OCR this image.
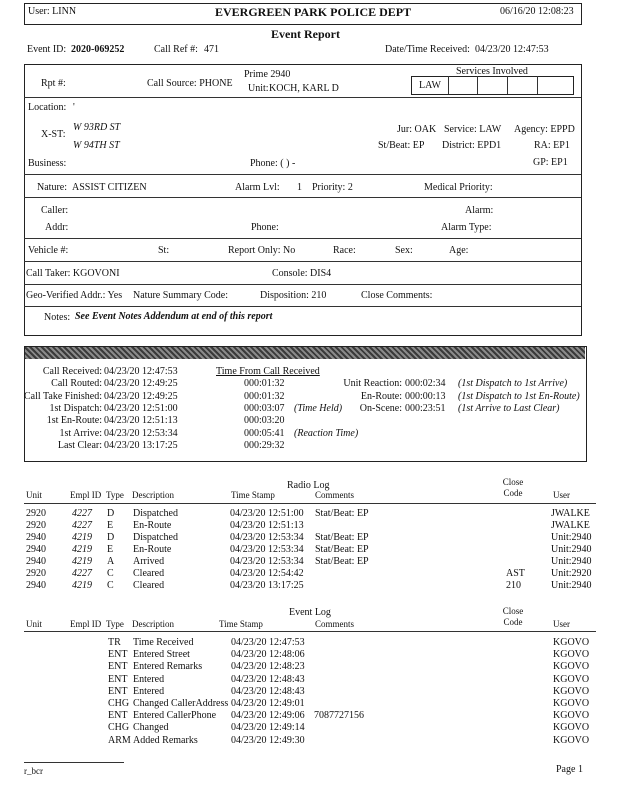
User: LINN	EVERGREEN PARK POLICE DEPT	06/16/20 12:08:23
Event Report
Event ID: 2020-069252	Call Ref #: 471	Date/Time Received: 04/23/20 12:47:53
Rpt #:	Call Source: PHONE
Prime 2940
Unit: KOCH, KARL D
Services Involved
LAW
Location: '
X-ST:
W 93RD ST
W 94TH ST
Jur: OAK Service: LAW Agency: EPPD
St/Beat: EP District: EPD1	RA: EP1
GP: EP1
Business:	Phone: ( ) -
Nature: ASSIST CITIZEN	Alarm Lvl: 1 Priority: 2	Medical Priority:
Caller:	Alarm:
Addr:	Phone:	Alarm Type:
Vehicle #:	St:	Report Only: No	Race:	Sex:	Age:
Call Taker: KGOVONI	Console: DIS4
Geo-Verified Addr.: Yes Nature Summary Code:	Disposition: 210	Close Comments:
Notes: See Event Notes Addendum at end of this report
Time From Call Received
Call Received: 04/23/20 12:47:53
Call Routed: 04/23/20 12:49:25	000:01:32	Unit Reaction: 000:02:34 (1st Dispatch to 1st Arrive)
Call Take Finished: 04/23/20 12:49:25	000:01:32	En-Route: 000:00:13 (1st Dispatch to 1st En-Route)
1st Dispatch: 04/23/20 12:51:00	000:03:07 (Time Held) On-Scene: 000:23:51 (1st Arrive to Last Clear)
1st En-Route: 04/23/20 12:51:13	000:03:20
1st Arrive: 04/23/20 12:53:34	000:05:41 (Reaction Time)
Last Clear: 04/23/20 13:17:25	000:29:32
Radio Log	Close Code
Unit	Empl ID Type Description	Time Stamp	Comments	User
2920	4227 D Dispatched	04/23/20 12:51:00 Stat/Beat: EP	JWALKE
2920	4227 E En-Route	04/23/20 12:51:13	JWALKE
2940	4219 D Dispatched	04/23/20 12:53:34 Stat/Beat: EP	Unit:2940
2940	4219 E En-Route	04/23/20 12:53:34 Stat/Beat: EP	Unit:2940
2940	4219 A Arrived	04/23/20 12:53:34 Stat/Beat: EP	Unit:2940
2920	4227 C Cleared	04/23/20 12:54:42	AST	Unit:2920
2940	4219 C Cleared	04/23/20 13:17:25	210	Unit:2940
Event Log	Close Code
Unit	Empl ID Type Description	Time Stamp	Comments	User
TR Time Received	04/23/20 12:47:53	KGOVO
ENT Entered Street	04/23/20 12:48:06	KGOVO
ENT Entered Remarks	04/23/20 12:48:23	KGOVO
ENT Entered	04/23/20 12:48:43	KGOVO
ENT Entered	04/23/20 12:48:43	KGOVO
CHG Changed CallerAddress 04/23/20 12:49:01	KGOVO
ENT Entered CallerPhone 04/23/20 12:49:06 7087727156	KGOVO
CHG Changed	04/23/20 12:49:14	KGOVO
ARM Added Remarks	04/23/20 12:49:30	KGOVO
r_bcr	Page 1
